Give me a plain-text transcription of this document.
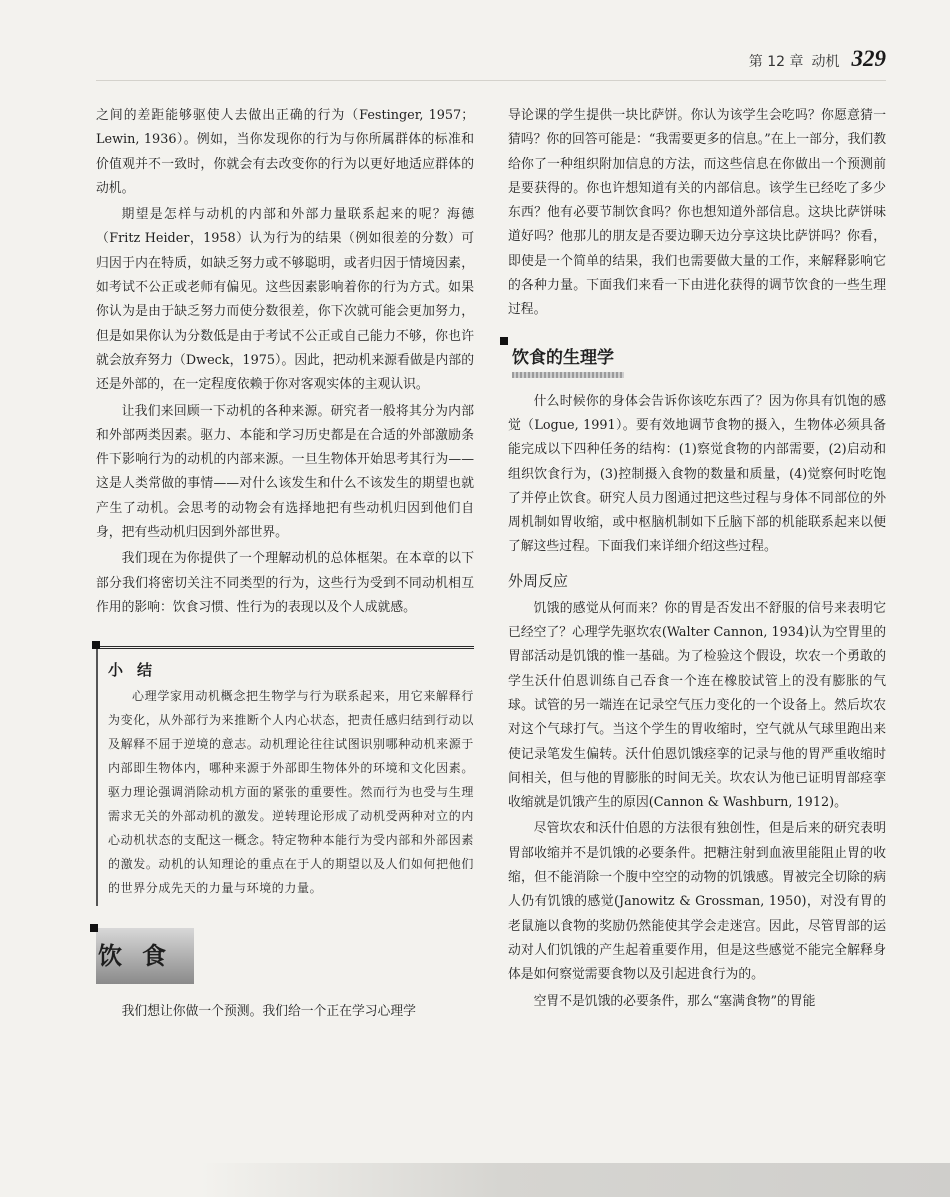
第 12 章 动机 329

之间的差距能够驱使人去做出正确的行为（Festinger, 1957；Lewin, 1936）。例如，当你发现你的行为与你所属群体的标准和价值观并不一致时，你就会有去改变你的行为以更好地适应群体的动机。

期望是怎样与动机的内部和外部力量联系起来的呢？海德（Fritz Heider，1958）认为行为的结果（例如很差的分数）可归因于内在特质，如缺乏努力或不够聪明，或者归因于情境因素，如考试不公正或老师有偏见。这些因素影响着你的行为方式。如果你认为是由于缺乏努力而使分数很差，你下次就可能会更加努力，但是如果你认为分数低是由于考试不公正或自己能力不够，你也许就会放弃努力（Dweck，1975）。因此，把动机来源看做是内部的还是外部的，在一定程度依赖于你对客观实体的主观认识。

让我们来回顾一下动机的各种来源。研究者一般将其分为内部和外部两类因素。驱力、本能和学习历史都是在合适的外部激励条件下影响行为的动机的内部来源。一旦生物体开始思考其行为——这是人类常做的事情——对什么该发生和什么不该发生的期望也就产生了动机。会思考的动物会有选择地把有些动机归因到他们自身，把有些动机归因到外部世界。

我们现在为你提供了一个理解动机的总体框架。在本章的以下部分我们将密切关注不同类型的行为，这些行为受到不同动机相互作用的影响：饮食习惯、性行为的表现以及个人成就感。

小结

心理学家用动机概念把生物学与行为联系起来，用它来解释行为变化，从外部行为来推断个人内心状态，把责任感归结到行动以及解释不屈于逆境的意志。动机理论往往试图识别哪种动机来源于内部即生物体内，哪种来源于外部即生物体外的环境和文化因素。驱力理论强调消除动机方面的紧张的重要性。然而行为也受与生理需求无关的外部动机的激发。逆转理论形成了动机受两种对立的内心动机状态的支配这一概念。特定物种本能行为受内部和外部因素的激发。动机的认知理论的重点在于人的期望以及人们如何把他们的世界分成先天的力量与环境的力量。

饮食

我们想让你做一个预测。我们给一个正在学习心理学

导论课的学生提供一块比萨饼。你认为该学生会吃吗？你愿意猜一猜吗？你的回答可能是：“我需要更多的信息。”在上一部分，我们教给你了一种组织附加信息的方法，而这些信息在你做出一个预测前是要获得的。你也许想知道有关的内部信息。该学生已经吃了多少东西？他有必要节制饮食吗？你也想知道外部信息。这块比萨饼味道好吗？他那儿的朋友是否要边聊天边分享这块比萨饼吗？你看，即使是一个简单的结果，我们也需要做大量的工作，来解释影响它的各种力量。下面我们来看一下由进化获得的调节饮食的一些生理过程。

饮食的生理学

什么时候你的身体会告诉你该吃东西了？因为你具有饥饱的感觉（Logue, 1991）。要有效地调节食物的摄入，生物体必须具备能完成以下四种任务的结构：(1)察觉食物的内部需要，(2)启动和组织饮食行为，(3)控制摄入食物的数量和质量，(4)觉察何时吃饱了并停止饮食。研究人员力图通过把这些过程与身体不同部位的外周机制如胃收缩，或中枢脑机制如下丘脑下部的机能联系起来以便了解这些过程。下面我们来详细介绍这些过程。

外周反应

饥饿的感觉从何而来？你的胃是否发出不舒服的信号来表明它已经空了？心理学先驱坎农(Walter Cannon, 1934)认为空胃里的胃部活动是饥饿的惟一基础。为了检验这个假设，坎农一个勇敢的学生沃什伯恩训练自己吞食一个连在橡胶试管上的没有膨胀的气球。试管的另一端连在记录空气压力变化的一个设备上。然后坎农对这个气球打气。当这个学生的胃收缩时，空气就从气球里跑出来使记录笔发生偏转。沃什伯恩饥饿痉挛的记录与他的胃严重收缩时间相关，但与他的胃膨胀的时间无关。坎农认为他已证明胃部痉挛收缩就是饥饿产生的原因(Cannon & Washburn, 1912)。

尽管坎农和沃什伯恩的方法很有独创性，但是后来的研究表明胃部收缩并不是饥饿的必要条件。把糖注射到血液里能阻止胃的收缩，但不能消除一个腹中空空的动物的饥饿感。胃被完全切除的病人仍有饥饿的感觉(Janowitz & Grossman, 1950)，对没有胃的老鼠施以食物的奖励仍然能使其学会走迷宫。因此，尽管胃部的运动对人们饥饿的产生起着重要作用，但是这些感觉不能完全解释身体是如何察觉需要食物以及引起进食行为的。

空胃不是饥饿的必要条件，那么“塞满食物”的胃能
